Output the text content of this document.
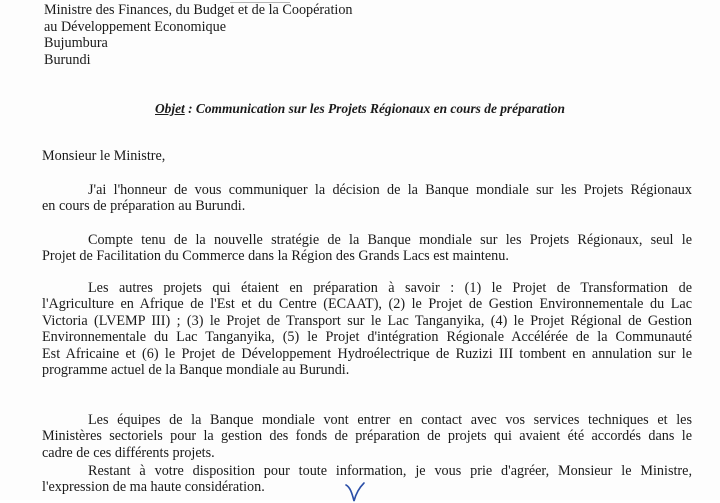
Ministre des Finances, du Budget et de la Coopération
au Développement Economique
Bujumbura
Burundi
Objet : Communication sur les Projets Régionaux en cours de préparation
Monsieur le Ministre,
J'ai l'honneur de vous communiquer la décision de la Banque mondiale sur les Projets Régionaux
en cours de préparation au Burundi.
Compte tenu de la nouvelle stratégie de la Banque mondiale sur les Projets Régionaux, seul le
Projet de Facilitation du Commerce dans la Région des Grands Lacs est maintenu.
Les autres projets qui étaient en préparation à savoir : (1) le Projet de Transformation de
l'Agriculture en Afrique de l'Est et du Centre (ECAAT), (2) le Projet de Gestion Environnementale du Lac
Victoria (LVEMP III) ; (3) le Projet de Transport sur le Lac Tanganyika, (4) le Projet Régional de Gestion
Environnementale du Lac Tanganyika, (5) le Projet d'intégration Régionale Accélérée de la Communauté
Est Africaine et (6) le Projet de Développement Hydroélectrique de Ruzizi III tombent en annulation sur le
programme actuel de la Banque mondiale au Burundi.
Les équipes de la Banque mondiale vont entrer en contact avec vos services techniques et les
Ministères sectoriels pour la gestion des fonds de préparation de projets qui avaient été accordés dans le
cadre de ces différents projets.
Restant à votre disposition pour toute information, je vous prie d'agréer, Monsieur le Ministre,
l'expression de ma haute considération.
